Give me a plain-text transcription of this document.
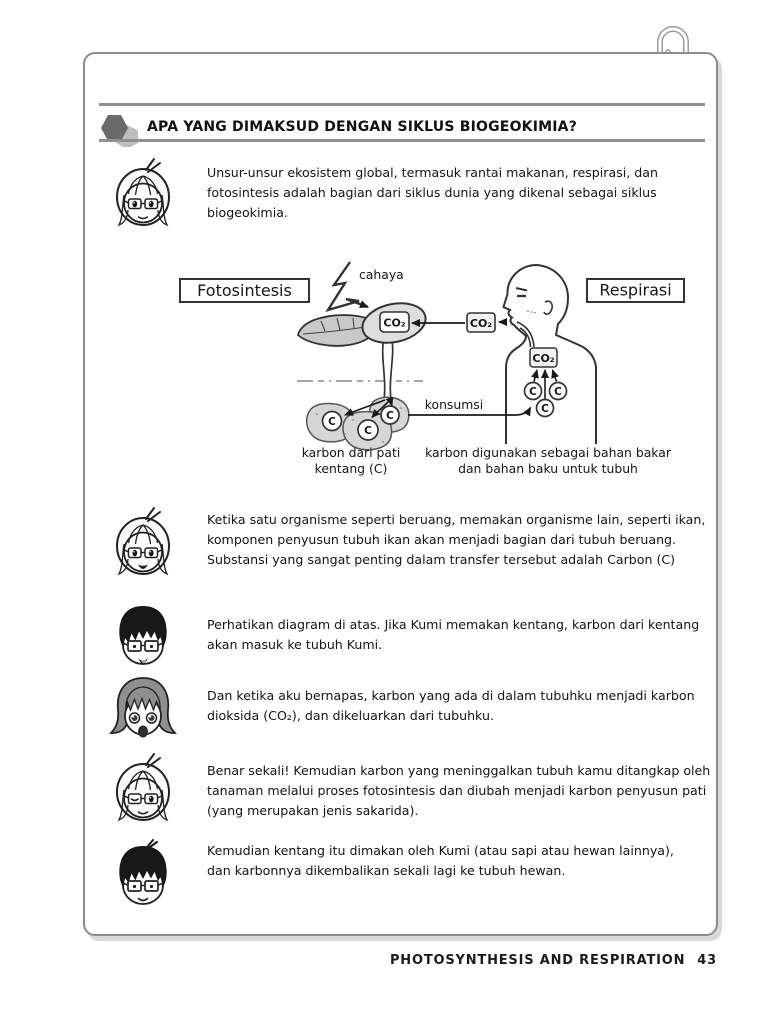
APA YANG DIMAKSUD DENGAN SIKLUS BIOGEOKIMIA?
Unsur-unsur ekosistem global, termasuk rantai makanan, respirasi, dan
fotosintesis adalah bagian dari siklus dunia yang dikenal sebagai siklus
biogeokimia.
Fotosintesis	Respirasi
cahaya
CO₂
C
C
C
CO₂
C C
C
CO₂
konsumsi
karbon dari pati
kentang (C)
karbon digunakan sebagai bahan bakar
dan bahan baku untuk tubuh
Ketika satu organisme seperti beruang, memakan organisme lain, seperti ikan,
komponen penyusun tubuh ikan akan menjadi bagian dari tubuh beruang.
Substansi yang sangat penting dalam transfer tersebut adalah Carbon (C)
Perhatikan diagram di atas. Jika Kumi memakan kentang, karbon dari kentang
akan masuk ke tubuh Kumi.
Dan ketika aku bernapas, karbon yang ada di dalam tubuhku menjadi karbon
dioksida (CO₂), dan dikeluarkan dari tubuhku.
Benar sekali! Kemudian karbon yang meninggalkan tubuh kamu ditangkap oleh
tanaman melalui proses fotosintesis dan diubah menjadi karbon penyusun pati
(yang merupakan jenis sakarida).
Kemudian kentang itu dimakan oleh Kumi (atau sapi atau hewan lainnya),
dan karbonnya dikembalikan sekali lagi ke tubuh hewan.
PHOTOSYNTHESIS AND RESPIRATION 43
